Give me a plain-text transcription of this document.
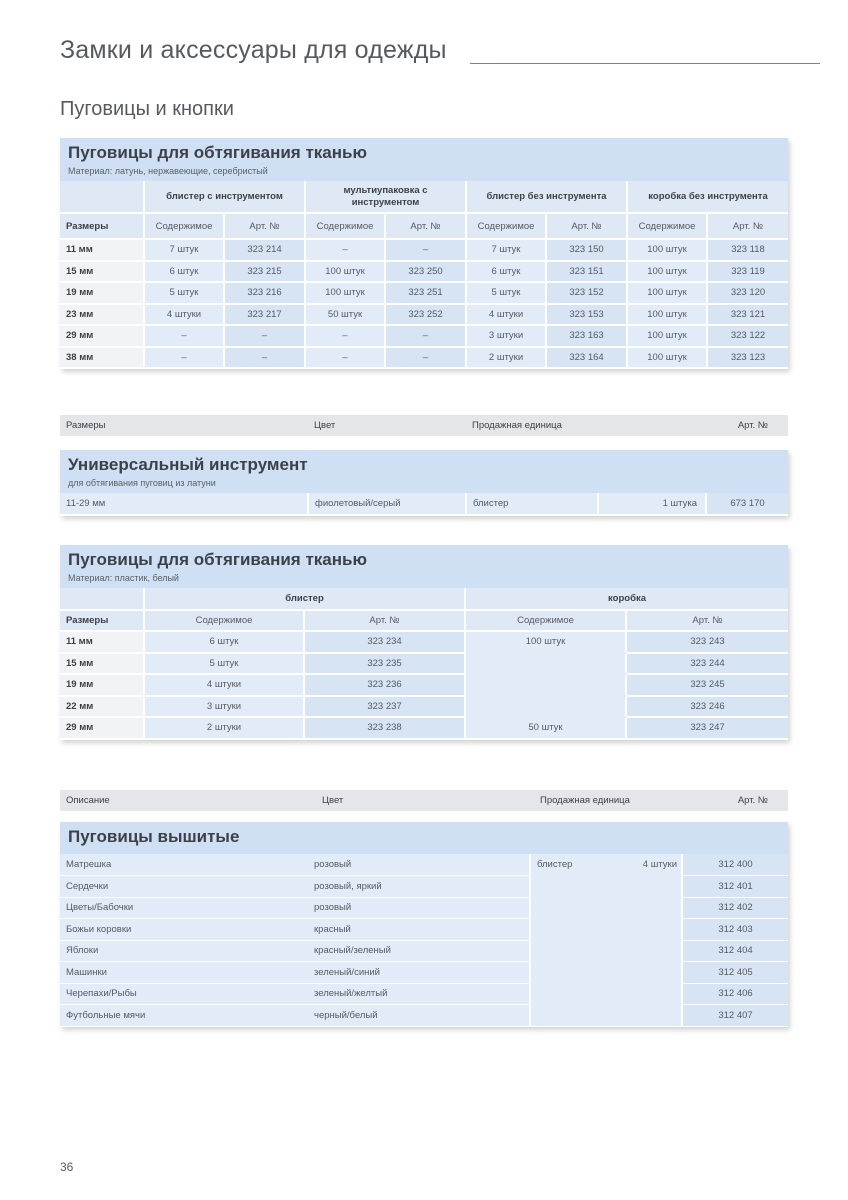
Замки и аксессуары для одежды
Пуговицы и кнопки
Пуговицы для обтягивания тканью
Материал: латунь, нержавеющие, серебристый
	блистер с инструментом		мультиупаковка с инструментом		блистер без инструмента		коробка без инструмента	
Размеры	Содержимое	Арт. №	Содержимое	Арт. №	Содержимое	Арт. №	Содержимое	Арт. №
11 мм	7 штук	323 214	–	–	7 штук	323 150	100 штук	323 118
15 мм	6 штук	323 215	100 штук	323 250	6 штук	323 151	100 штук	323 119
19 мм	5 штук	323 216	100 штук	323 251	5 штук	323 152	100 штук	323 120
23 мм	4 штуки	323 217	50 штук	323 252	4 штуки	323 153	100 штук	323 121
29 мм	–	–	–	–	3 штуки	323 163	100 штук	323 122
38 мм	–	–	–	–	2 штуки	323 164	100 штук	323 123
Размеры	Цвет	Продажная единица	Арт. №
Универсальный инструмент
для обтягивания пуговиц из латуни
11-29 мм	фиолетовый/серый	блистер	1 штука	673 170
Пуговицы для обтягивания тканью
Материал: пластик, белый
	блистер		коробка	
Размеры	Содержимое	Арт. №	Содержимое	Арт. №
11 мм	6 штук	323 234	100 штук	323 243
15 мм	5 штук	323 235		323 244
19 мм	4 штуки	323 236		323 245
22 мм	3 штуки	323 237		323 246
29 мм	2 штуки	323 238	50 штук	323 247
Описание	Цвет	Продажная единица	Арт. №
Пуговицы вышитые
Матрешка	розовый	блистер	4 штуки	312 400
Сердечки	розовый, яркий			312 401
Цветы/Бабочки	розовый			312 402
Божьи коровки	красный			312 403
Яблоки	красный/зеленый			312 404
Машинки	зеленый/синий			312 405
Черепахи/Рыбы	зеленый/желтый			312 406
Футбольные мячи	черный/белый			312 407
36
